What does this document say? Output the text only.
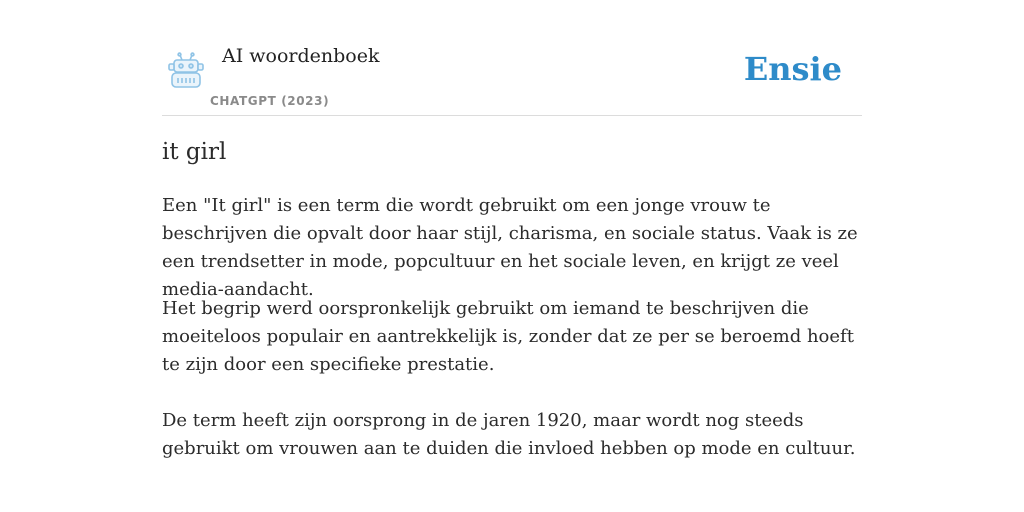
AI woordenboek
CHATGPT (2023)
Ensie
it girl

Een "It girl" is een term die wordt gebruikt om een jonge vrouw te beschrijven die opvalt door haar stijl, charisma, en sociale status. Vaak is ze een trendsetter in mode, popcultuur en het sociale leven, en krijgt ze veel media-aandacht.

Het begrip werd oorspronkelijk gebruikt om iemand te beschrijven die moeiteloos populair en aantrekkelijk is, zonder dat ze per se beroemd hoeft te zijn door een specifieke prestatie.

De term heeft zijn oorsprong in de jaren 1920, maar wordt nog steeds gebruikt om vrouwen aan te duiden die invloed hebben op mode en cultuur.
